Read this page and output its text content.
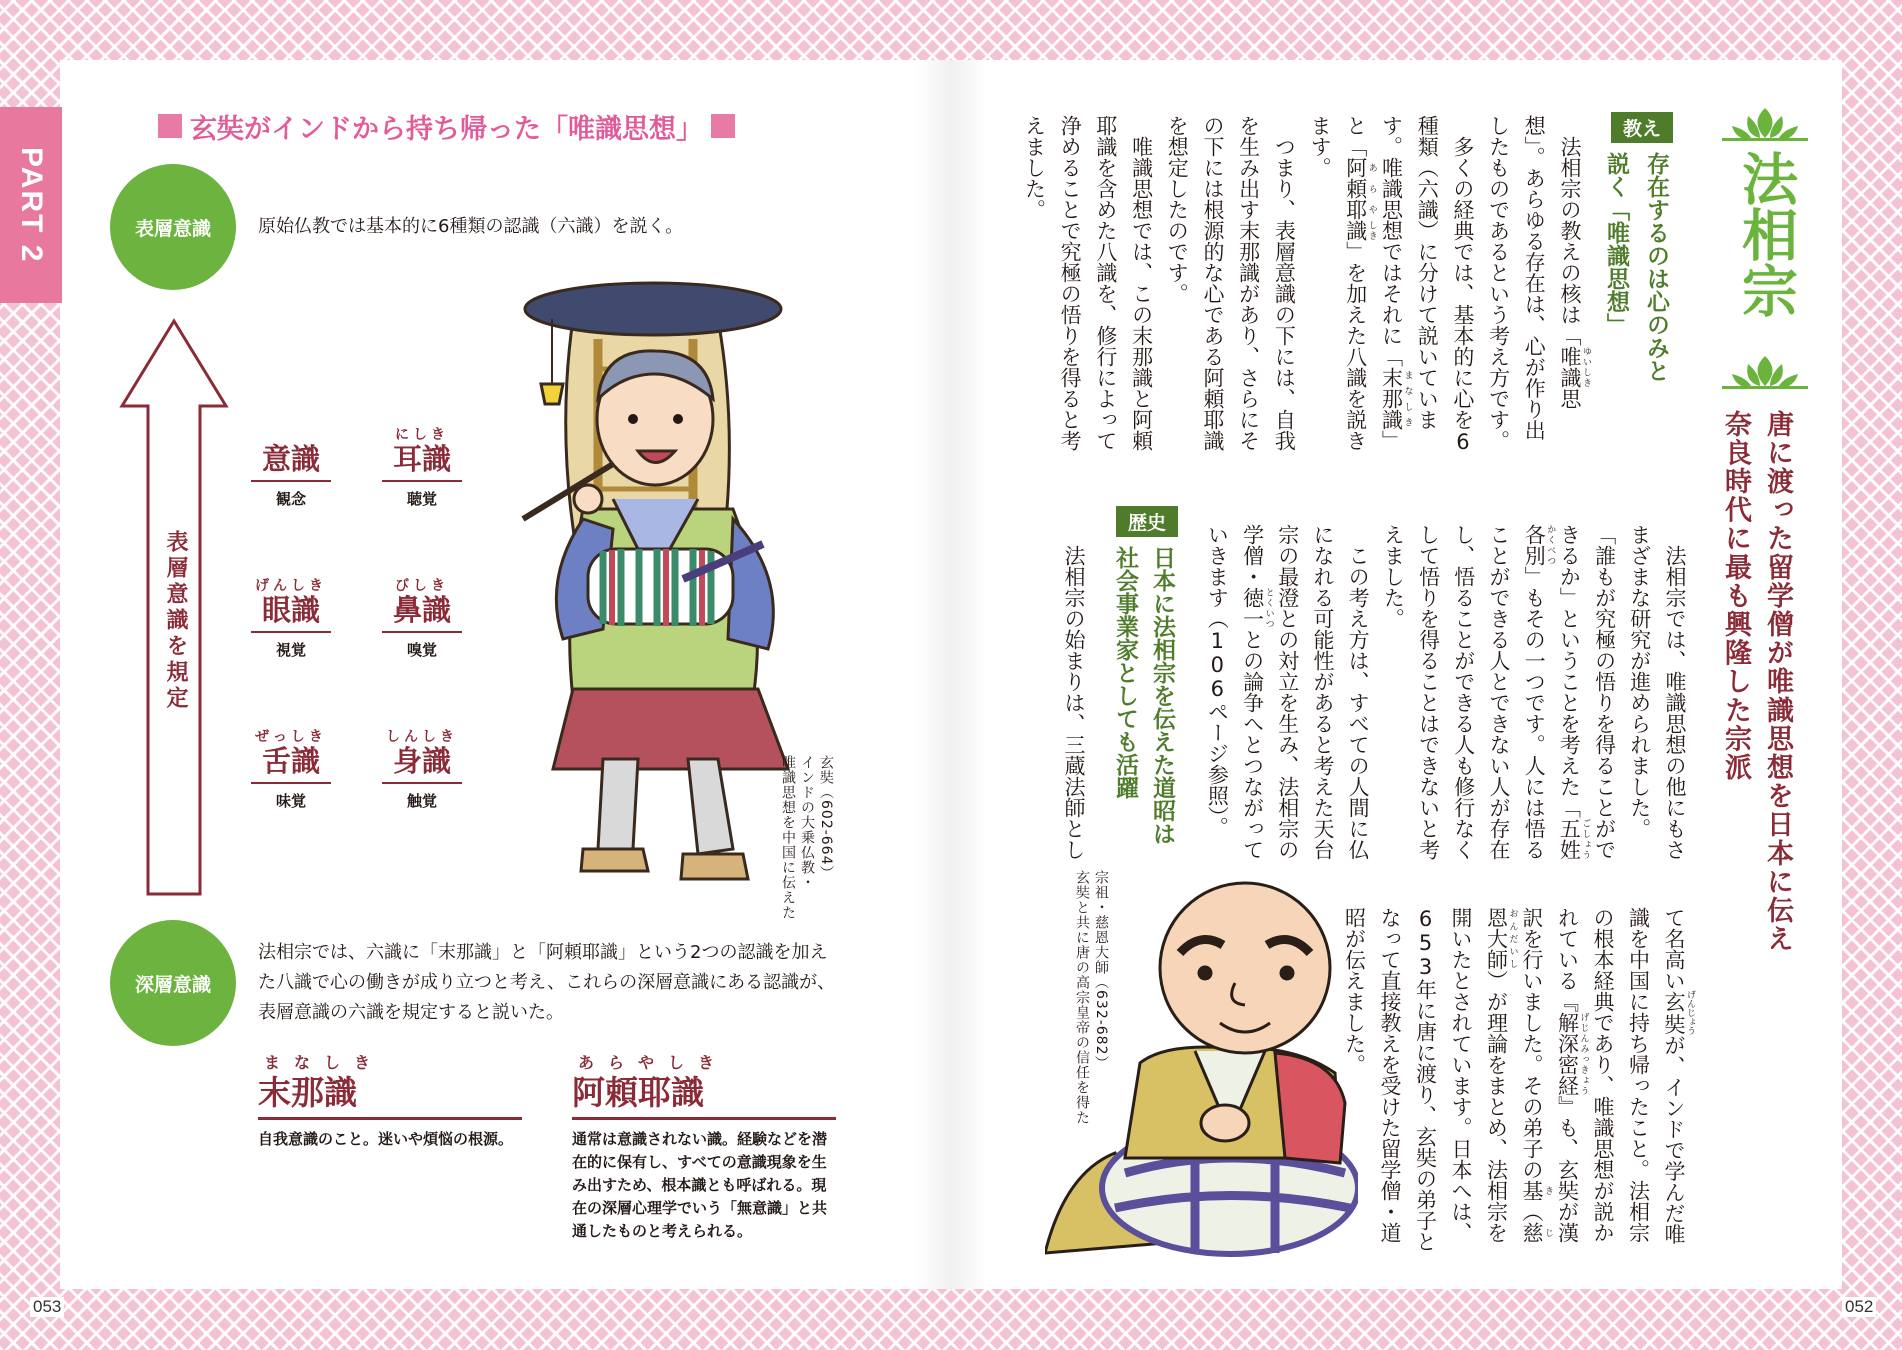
PART 2
玄奘がインドから持ち帰った「唯識思想」
表層意識	原始仏教では基本的に6種類の認識（六識）を説く。
表層意識を規定
意識
観念
にしき
耳識
聴覚
げんしき
眼識
視覚
びしき
鼻識
嗅覚
ぜっしき
舌識
味覚
しんしき
身識
触覚	玄奘（602-664）
インドの大乗仏教・
唯識思想を中国に伝えた
深層意識
法相宗では、六識に「末那識」と「阿頼耶識」という2つの認識を加えた八識で心の働きが成り立つと考え、これらの深層意識にある認識が、表層意識の六識を規定すると説いた。
まなしき
末那識
自我意識のこと。迷いや煩悩の根源。
あらやしき
阿頼耶識
通常は意識されない識。経験などを潜在的に保有し、すべての意識現象を生み出すため、根本識とも呼ばれる。現在の深層心理学でいう「無意識」と共通したものと考えられる。
053
法相宗
唐に渡った留学僧が唯識思想を日本に伝え
奈良時代に最も興隆した宗派
教え
存在するのは心のみと
説く「唯識思想」

法相宗の教えの核は「唯識 ゆいしき思想」。あらゆる存在は、心が作り出したものであるという考え方です。

多くの経典では、基本的に心を6種類（六識）に分けて説いています。唯識思想ではそれに「末那識 まなしき」と「阿 あ頼耶 らや識 しき」を加えた八識を説きます。

つまり、表層意識の下には、自我を生み出す末那識があり、さらにその下には根源的な心である阿頼耶識を想定したのです。

唯識思想では、この末那識と阿頼耶識を含めた八識を、修行によって浄めることで究極の悟りを得ると考えました。

法相宗では、唯識思想の他にもさまざまな研究が進められました。「誰もが究極の悟りを得ることができるか」ということを考えた「五姓 ごしょう各別 かくべつ」もその一つです。人には悟ることができる人とできない人が存在し、悟ることができる人も修行なくして悟りを得ることはできないと考えました。

この考え方は、すべての人間に仏になれる可能性があると考えた天台宗の最澄との対立を生み、法相宗の学僧・徳一 とくいつとの論争へとつながっていきます（106ページ参照）。

歴史
日本に法相宗を伝えた道昭は
社会事業家としても活躍

法相宗の始まりは、三蔵法師とし

て名高い玄奘 げんじょうが、インドで学んだ唯識を中国に持ち帰ったこと。法相宗の根本経典であり、唯識思想が説かれている『解深密経 げじんみっきょう』も、玄奘が漢訳を行いました。その弟子の基 き（慈 じ恩大師 おんだいし）が理論をまとめ、法相宗を開いたとされています。日本へは、653年に唐に渡り、玄奘の弟子となって直接教えを受けた留学僧・道昭が伝えました。

宗祖・慈恩大師（632-682）
玄奘と共に唐の高宗皇帝の信任を得た
052
